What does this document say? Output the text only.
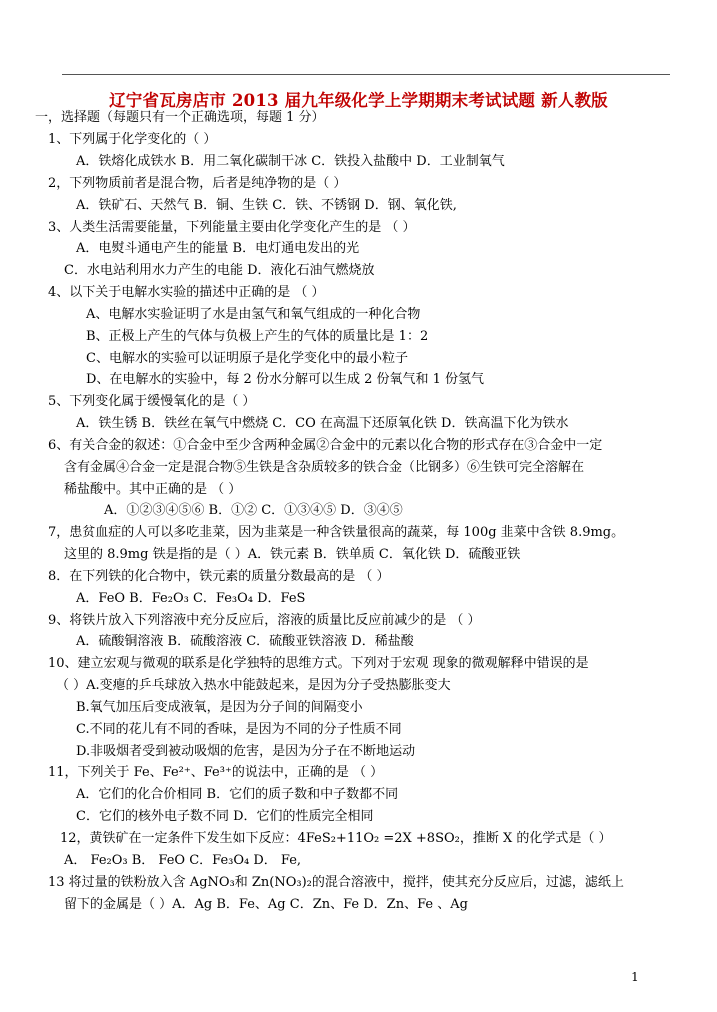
辽宁省瓦房店市 2013 届九年级化学上学期期末考试试题 新人教版
一，选择题（每题只有一个正确选项，每题 1 分）
1、下列属于化学变化的（ ）
A．铁熔化成铁水 B．用二氧化碳制干冰 C．铁投入盐酸中 D．工业制氧气
2，下列物质前者是混合物，后者是纯净物的是（ ）
A．铁矿石、天然气 B．铜、生铁 C．铁、不锈钢 D．钢、氧化铁,
3、人类生活需要能量，下列能量主要由化学变化产生的是 （ ）
A．电熨斗通电产生的能量 B．电灯通电发出的光
C．水电站利用水力产生的电能 D．液化石油气燃烧放
4、以下关于电解水实验的描述中正确的是 （ ）
A、电解水实验证明了水是由氢气和氧气组成的一种化合物
B、正极上产生的气体与负极上产生的气体的质量比是 1：2
C、电解水的实验可以证明原子是化学变化中的最小粒子
D、在电解水的实验中，每 2 份水分解可以生成 2 份氧气和 1 份氢气
5、下列变化属于缓慢氧化的是（ ）
A．铁生锈 B．铁丝在氧气中燃烧 C．CO 在高温下还原氧化铁 D．铁高温下化为铁水
6、有关合金的叙述：①合金中至少含两种金属②合金中的元素以化合物的形式存在③合金中一定
含有金属④合金一定是混合物⑤生铁是含杂质较多的铁合金（比钢多）⑥生铁可完全溶解在
稀盐酸中。其中正确的是 （ ）
A．①②③④⑤⑥ B．①② C．①③④⑤ D．③④⑤
7，患贫血症的人可以多吃韭菜，因为韭菜是一种含铁量很高的蔬菜，每 100g 韭菜中含铁 8.9mg。
这里的 8.9mg 铁是指的是（ ）A．铁元素 B．铁单质 C．氧化铁 D．硫酸亚铁
8．在下列铁的化合物中，铁元素的质量分数最高的是 （ ）
A．FeO B．Fe₂O₃ C．Fe₃O₄ D．FeS
9、将铁片放入下列溶液中充分反应后，溶液的质量比反应前减少的是 （ ）
A．硫酸铜溶液 B．硫酸溶液 C．硫酸亚铁溶液 D．稀盐酸
10、建立宏观与微观的联系是化学独特的思维方式。下列对于宏观 现象的微观解释中错误的是
（ ）A.变瘪的乒乓球放入热水中能鼓起来，是因为分子受热膨胀变大
B.氧气加压后变成液氧，是因为分子间的间隔变小
C.不同的花儿有不同的香味，是因为不同的分子性质不同
D.非吸烟者受到被动吸烟的危害，是因为分子在不断地运动
11，下列关于 Fe、Fe²⁺、Fe³⁺的说法中，正确的是 （ ）
A．它们的化合价相同 B．它们的质子数和中子数都不同
C．它们的核外电子数不同 D．它们的性质完全相同
12，黄铁矿在一定条件下发生如下反应：4FeS₂+11O₂ =2X +8SO₂，推断 X 的化学式是（ ）
A． Fe₂O₃ B． FeO C．Fe₃O₄ D． Fe,
13 将过量的铁粉放入含 AgNO₃和 Zn(NO₃)₂的混合溶液中，搅拌，使其充分反应后，过滤，滤纸上
留下的金属是（ ）A．Ag B．Fe、Ag C．Zn、Fe D．Zn、Fe 、Ag
1
